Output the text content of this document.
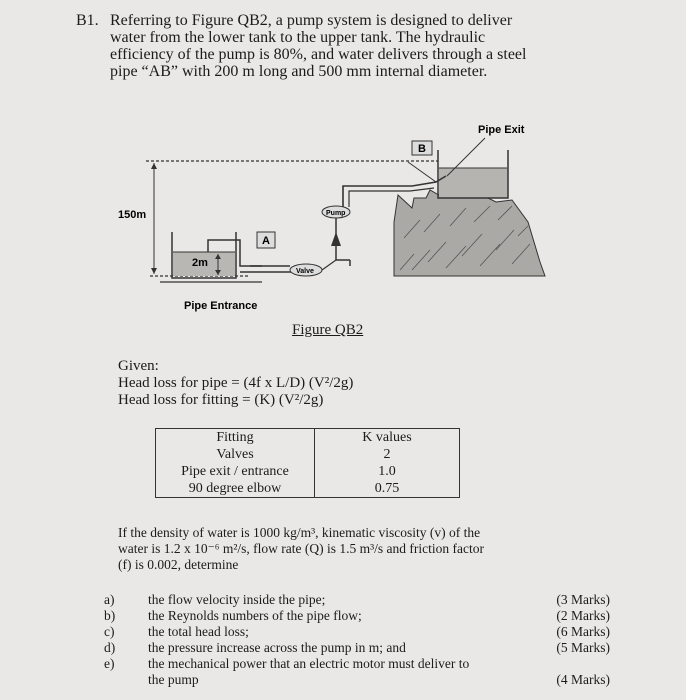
B1. Referring to Figure QB2, a pump system is designed to deliver
water from the lower tank to the upper tank. The hydraulic
efficiency of the pump is 80%, and water delivers through a steel
pipe “AB” with 200 m long and 500 mm internal diameter.
Pipe Exit
B
Pump
Valve
A
2m
150m
Pipe Entrance
Figure QB2
Given:
Head loss for pipe = (4f x L/D) (V²/2g)
Head loss for fitting = (K) (V²/2g)
Fitting	K values
Valves	2
Pipe exit / entrance	1.0
90 degree elbow	0.75
If the density of water is 1000 kg/m³, kinematic viscosity (v) of the
water is 1.2 x 10⁻⁶ m²/s, flow rate (Q) is 1.5 m³/s and friction factor
(f) is 0.002, determine
a)	the flow velocity inside the pipe;	(3 Marks)
b)	the Reynolds numbers of the pipe flow;	(2 Marks)
c)	the total head loss;	(6 Marks)
d)	the pressure increase across the pump in m; and	(5 Marks)
e)	the mechanical power that an electric motor must deliver to
the pump	(4 Marks)
